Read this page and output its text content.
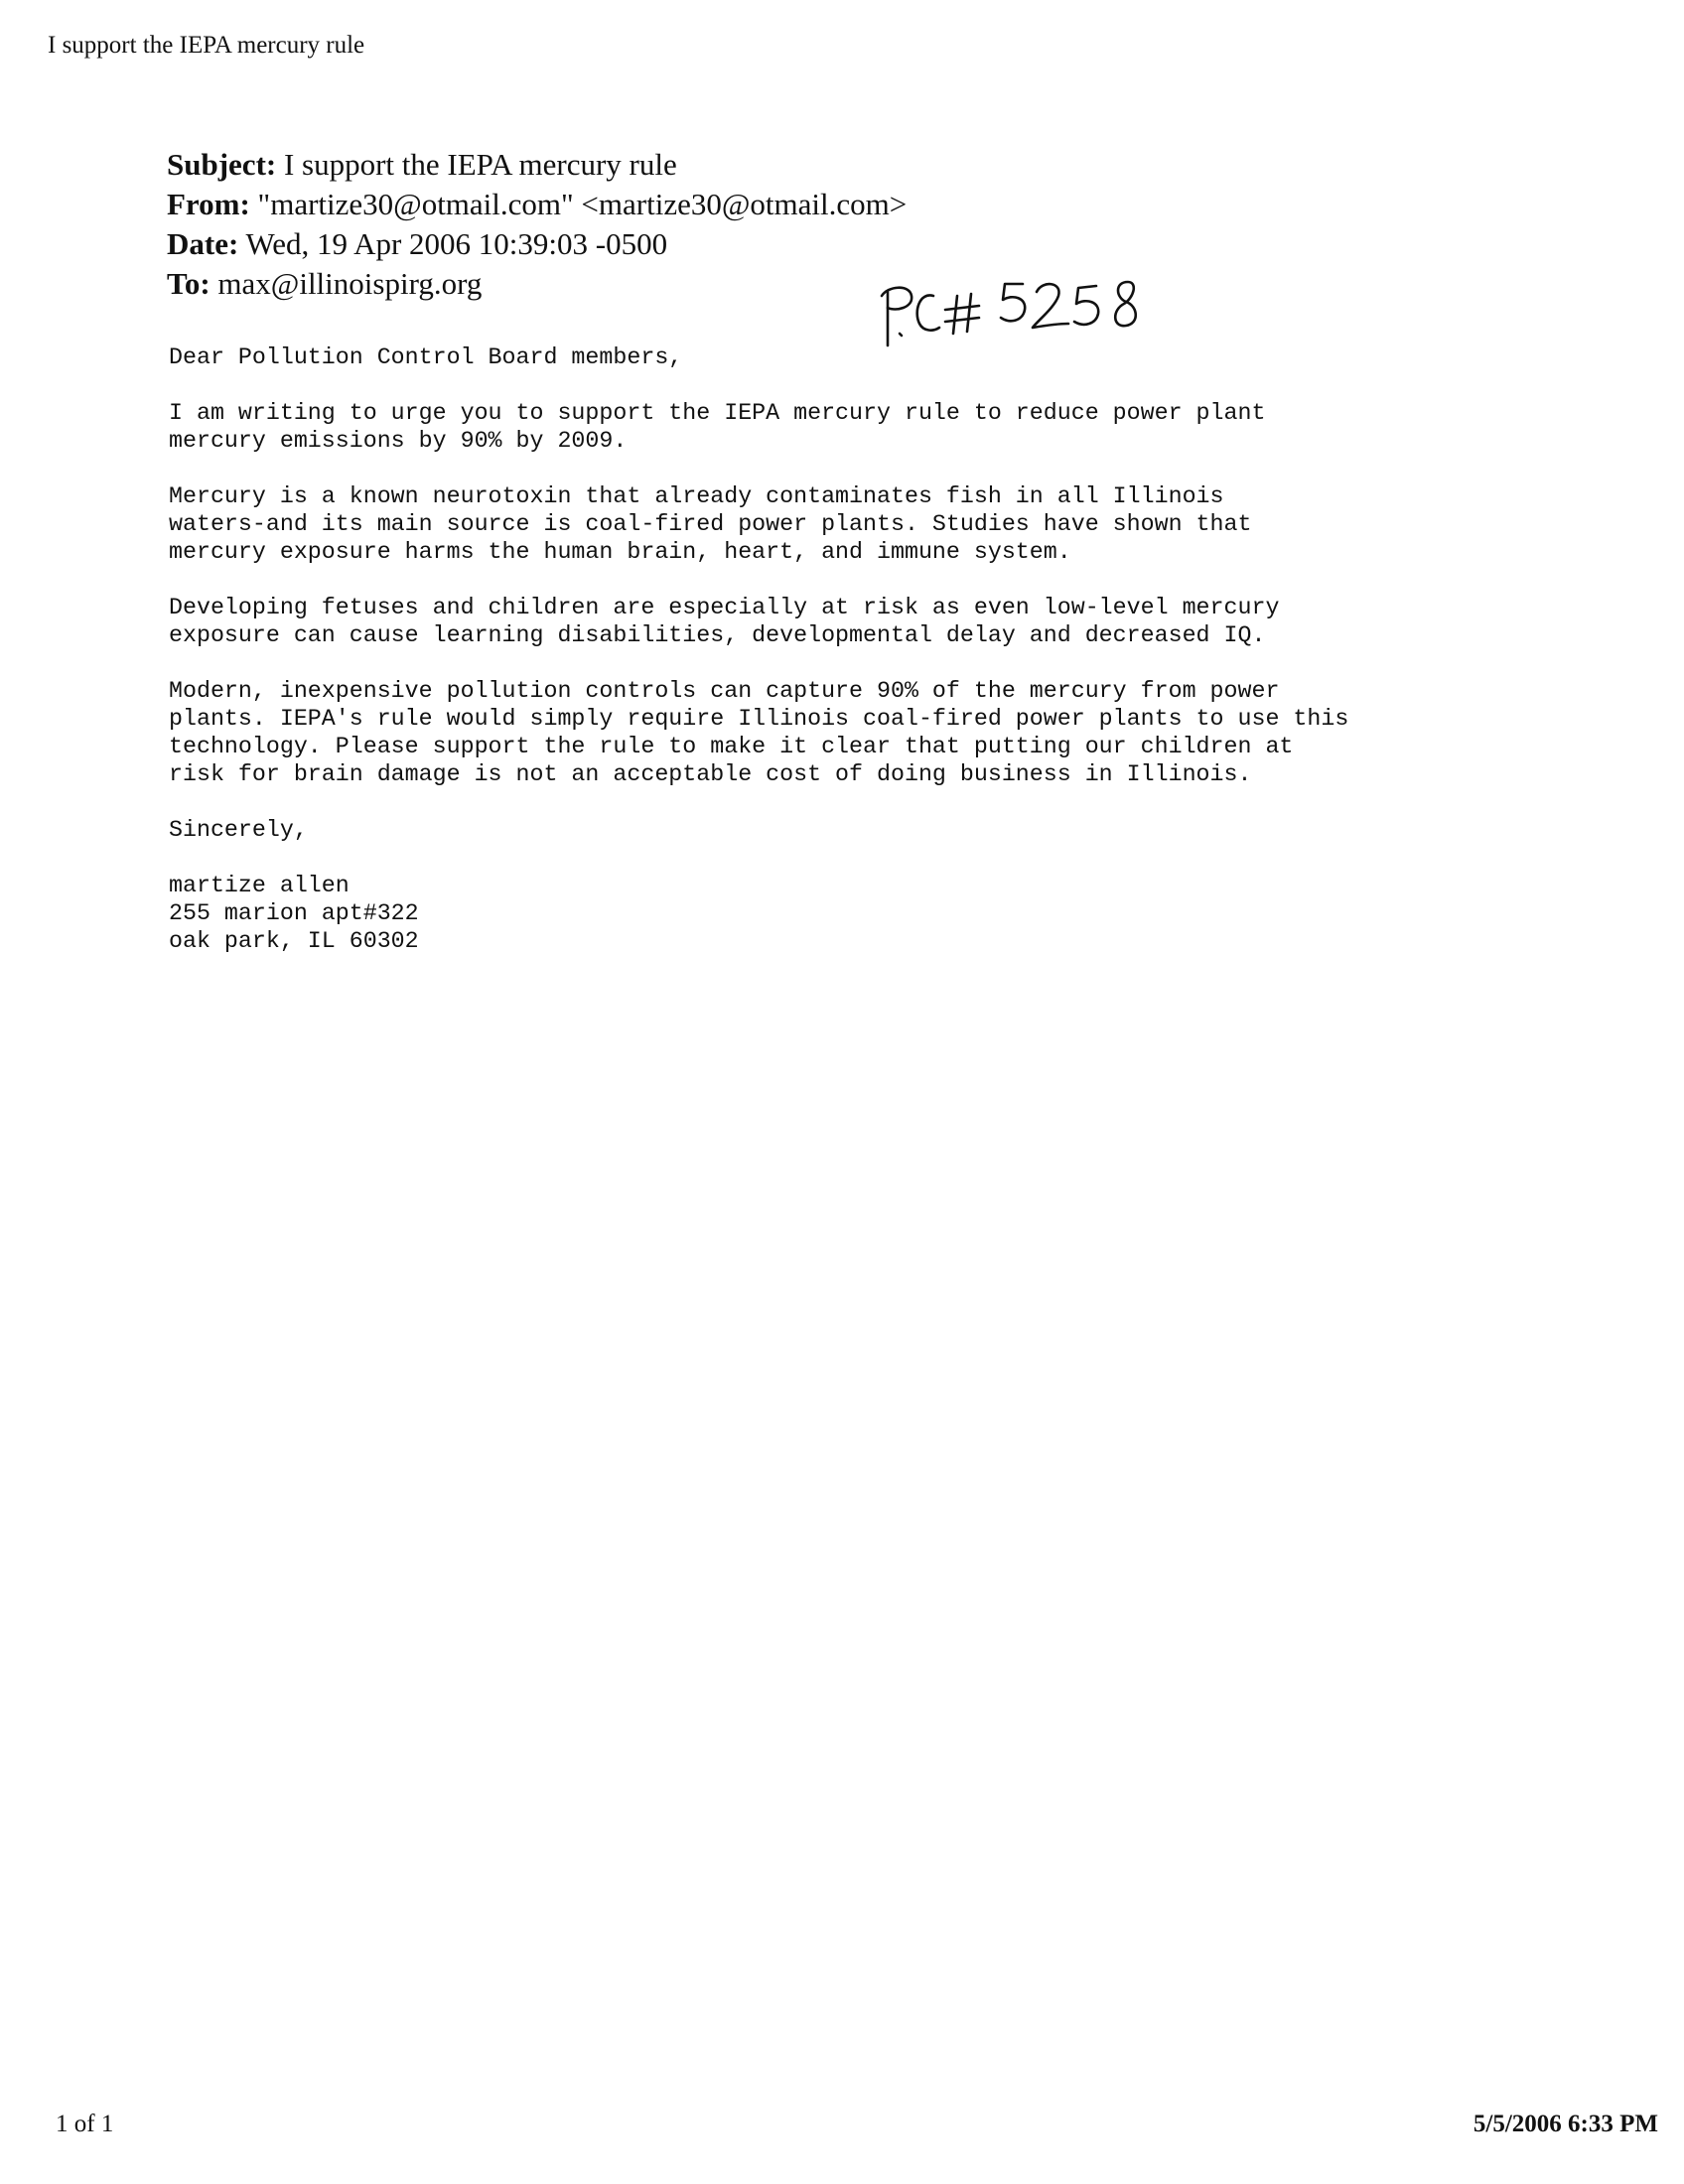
I support the IEPA mercury rule
Subject: I support the IEPA mercury rule
From: "martize30@otmail.com" <martize30@otmail.com>
Date: Wed, 19 Apr 2006 10:39:03 -0500
To: max@illinoispirg.org

Dear Pollution Control Board members,

I am writing to urge you to support the IEPA mercury rule to reduce power plant
mercury emissions by 90% by 2009.

Mercury is a known neurotoxin that already contaminates fish in all Illinois
waters-and its main source is coal-fired power plants. Studies have shown that
mercury exposure harms the human brain, heart, and immune system.

Developing fetuses and children are especially at risk as even low-level mercury
exposure can cause learning disabilities, developmental delay and decreased IQ.

Modern, inexpensive pollution controls can capture 90% of the mercury from power
plants. IEPA's rule would simply require Illinois coal-fired power plants to use this
technology. Please support the rule to make it clear that putting our children at
risk for brain damage is not an acceptable cost of doing business in Illinois.

Sincerely,

martize allen

255 marion apt#322

oak park, IL 60302

1 of 1	5/5/2006 6:33 PM
